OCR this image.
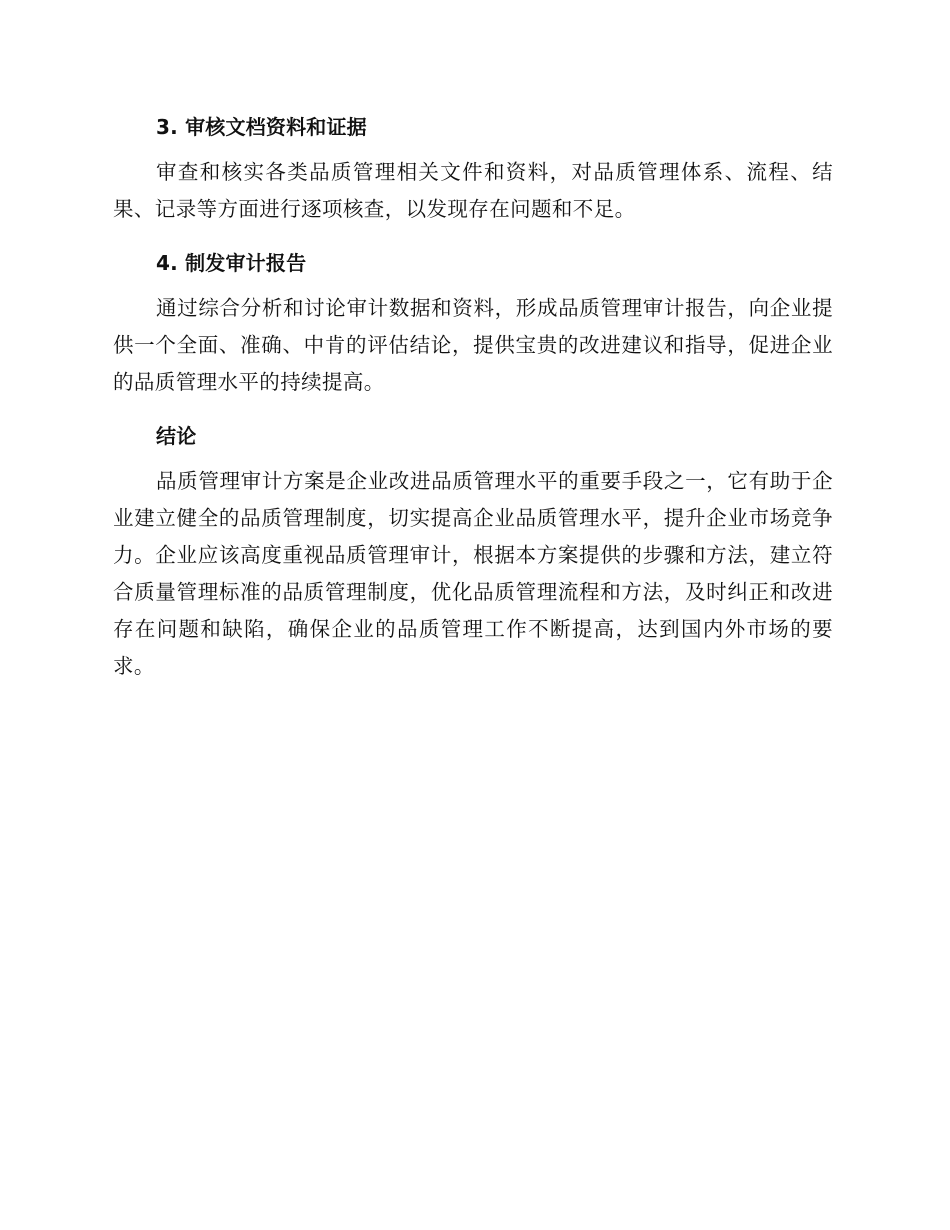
3. 审核文档资料和证据

审查和核实各类品质管理相关文件和资料，对品质管理体系、流程、结果、记录等方面进行逐项核查，以发现存在问题和不足。

4. 制发审计报告

通过综合分析和讨论审计数据和资料，形成品质管理审计报告，向企业提供一个全面、准确、中肯的评估结论，提供宝贵的改进建议和指导，促进企业的品质管理水平的持续提高。

结论

品质管理审计方案是企业改进品质管理水平的重要手段之一，它有助于企业建立健全的品质管理制度，切实提高企业品质管理水平，提升企业市场竞争力。企业应该高度重视品质管理审计，根据本方案提供的步骤和方法，建立符合质量管理标准的品质管理制度，优化品质管理流程和方法，及时纠正和改进存在问题和缺陷，确保企业的品质管理工作不断提高，达到国内外市场的要求。
